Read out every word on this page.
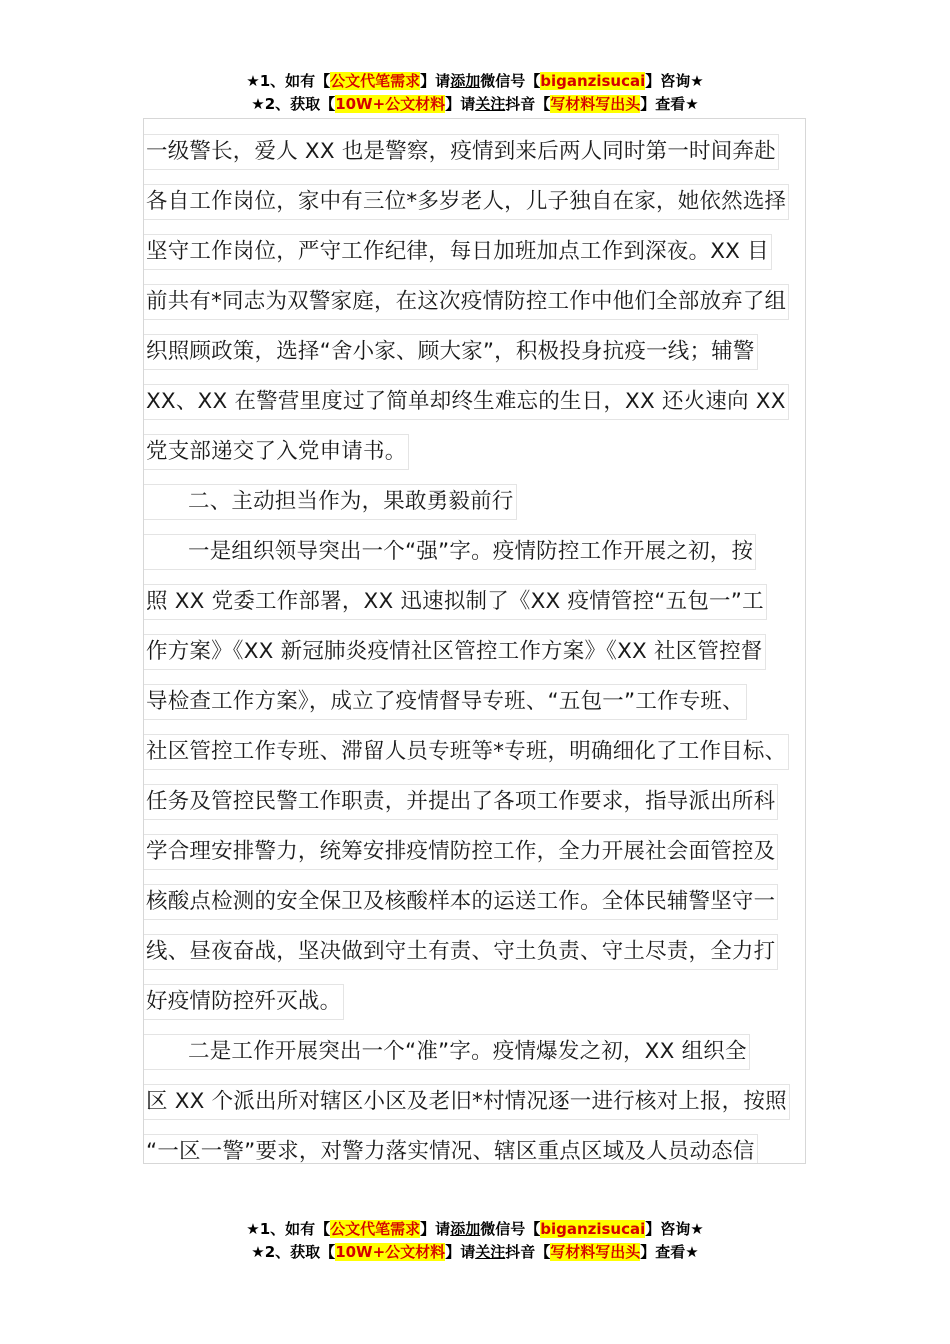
★1、如有【公文代笔需求】请添加微信号【biganzisucai】咨询★
★2、获取【10W+公文材料】请关注抖音【写材料写出头】查看★
一级警长，爱人 XX 也是警察，疫情到来后两人同时第一时间奔赴
各自工作岗位，家中有三位*多岁老人，儿子独自在家，她依然选择
坚守工作岗位，严守工作纪律，每日加班加点工作到深夜。XX 目
前共有*同志为双警家庭，在这次疫情防控工作中他们全部放弃了组
织照顾政策，选择“舍小家、顾大家”，积极投身抗疫一线；辅警
XX、XX 在警营里度过了简单却终生难忘的生日，XX 还火速向 XX
党支部递交了入党申请书。
二、主动担当作为，果敢勇毅前行
一是组织领导突出一个“强”字。疫情防控工作开展之初，按
照 XX 党委工作部署，XX 迅速拟制了《XX 疫情管控“五包一”工
作方案》《XX 新冠肺炎疫情社区管控工作方案》《XX 社区管控督
导检查工作方案》，成立了疫情督导专班、“五包一”工作专班、
社区管控工作专班、滞留人员专班等*专班，明确细化了工作目标、
任务及管控民警工作职责，并提出了各项工作要求，指导派出所科
学合理安排警力，统筹安排疫情防控工作，全力开展社会面管控及
核酸点检测的安全保卫及核酸样本的运送工作。全体民辅警坚守一
线、昼夜奋战，坚决做到守土有责、守土负责、守土尽责，全力打
好疫情防控歼灭战。
二是工作开展突出一个“准”字。疫情爆发之初，XX 组织全
区 XX 个派出所对辖区小区及老旧*村情况逐一进行核对上报，按照
“一区一警”要求，对警力落实情况、辖区重点区域及人员动态信
★1、如有【公文代笔需求】请添加微信号【biganzisucai】咨询★
★2、获取【10W+公文材料】请关注抖音【写材料写出头】查看★
